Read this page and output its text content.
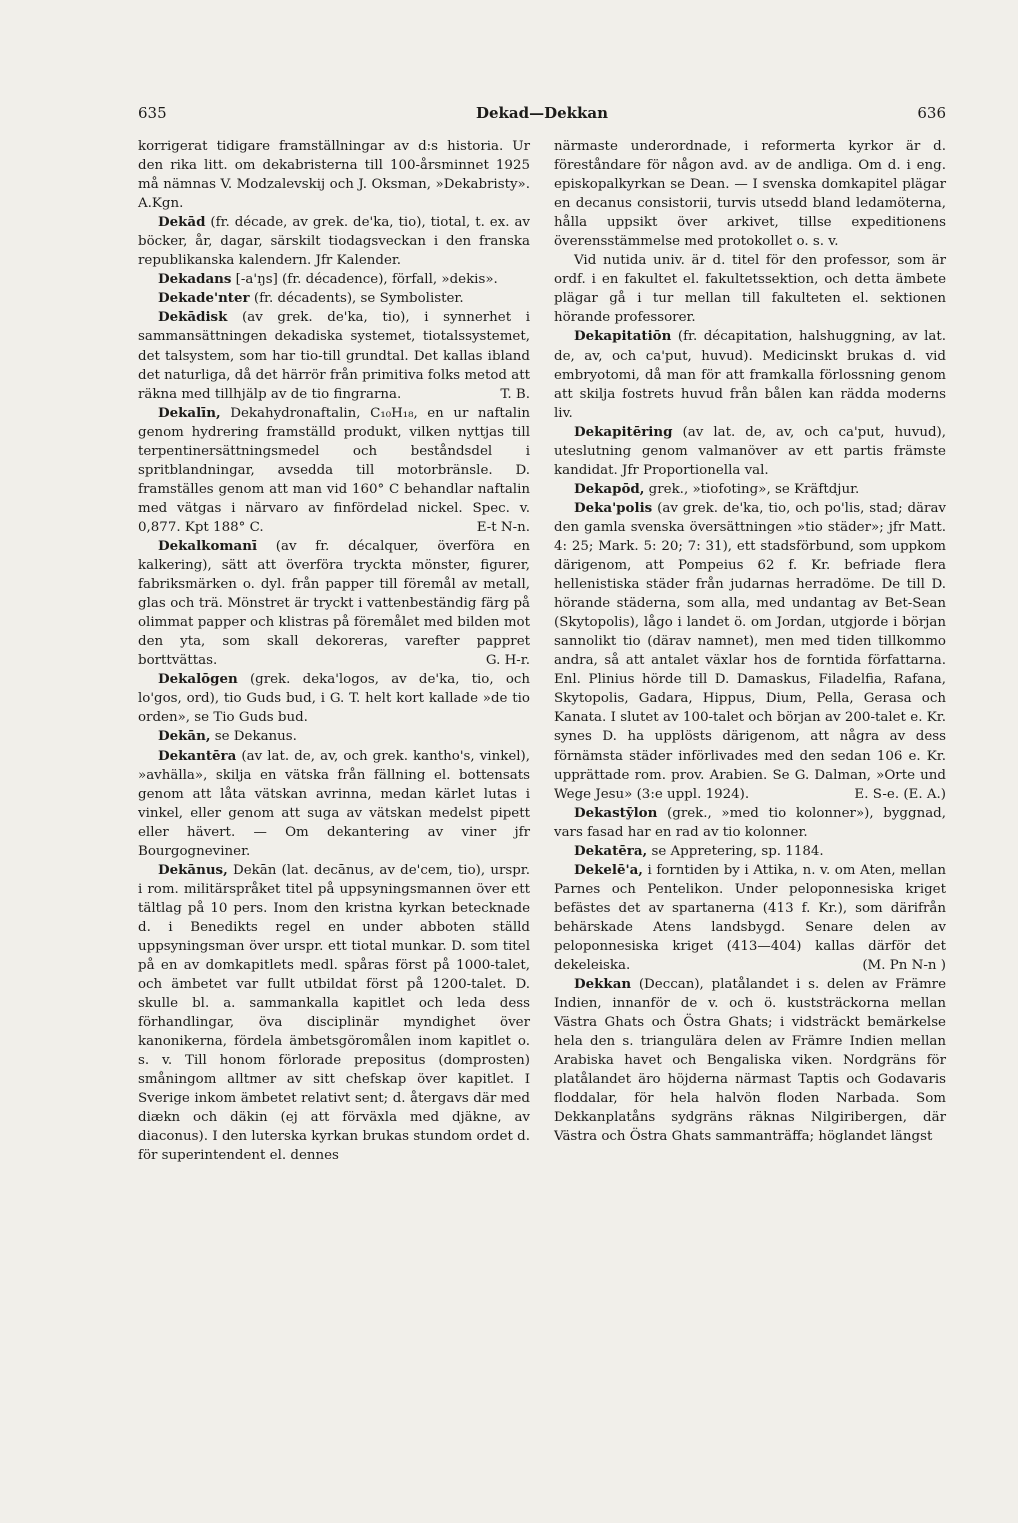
635	Dekad—Dekkan	636

korrigerat tidigare framställningar av d:s historia. Ur den rika litt. om dekabristerna till 100-årsminnet 1925 må nämnas V. Modzalevskij och J. Oksman, »Dekabristy». A.Kgn.

Dekād (fr. décade, av grek. de'ka, tio), tiotal, t. ex. av böcker, år, dagar, särskilt tiodagsveckan i den franska republikanska kalendern. Jfr Kalender.

Dekadans [-a'ŋs] (fr. décadence), förfall, »dekis».

Dekade'nter (fr. décadents), se Symbolister.

Dekādisk (av grek. de'ka, tio), i synnerhet i sammansättningen dekadiska systemet, tiotalssystemet, det talsystem, som har tio-till grundtal. Det kallas ibland det naturliga, då det härrör från primitiva folks metod att räkna med tillhjälp av de tio fingrarna.	T. B.

Dekalīn, Dekahydronaftalin, C₁₀H₁₈, en ur naftalin genom hydrering framställd produkt, vilken nyttjas till terpentinersättningsmedel och beståndsdel i spritblandningar, avsedda till motorbränsle. D. framställes genom att man vid 160° C behandlar naftalin med vätgas i närvaro av finfördelad nickel. Spec. v. 0,877. Kpt 188° C.	E-t N-n.

Dekalkomanī (av fr. décalquer, överföra en kalkering), sätt att överföra tryckta mönster, figurer, fabriksmärken o. dyl. från papper till föremål av metall, glas och trä. Mönstret är tryckt i vattenbeständig färg på olimmat papper och klistras på föremålet med bilden mot den yta, som skall dekoreras, varefter pappret borttvättas.	G. H-r.

Dekalōgen (grek. deka'logos, av de'ka, tio, och lo'gos, ord), tio Guds bud, i G. T. helt kort kallade »de tio orden», se Tio Guds bud.

Dekān, se Dekanus.

Dekantēra (av lat. de, av, och grek. kantho's, vinkel), »avhälla», skilja en vätska från fällning el. bottensats genom att låta vätskan avrinna, medan kärlet lutas i vinkel, eller genom att suga av vätskan medelst pipett eller hävert. — Om dekantering av viner jfr Bourgogneviner.

Dekānus, Dekān (lat. decānus, av de'cem, tio), urspr. i rom. militärspråket titel på uppsyningsmannen över ett tältlag på 10 pers. Inom den kristna kyrkan betecknade d. i Benedikts regel en under abboten ställd uppsyningsman över urspr. ett tiotal munkar. D. som titel på en av domkapitlets medl. spåras först på 1000-talet, och ämbetet var fullt utbildat först på 1200-talet. D. skulle bl. a. sammankalla kapitlet och leda dess förhandlingar, öva disciplinär myndighet över kanonikerna, fördela ämbetsgöromålen inom kapitlet o. s. v. Till honom förlorade prepositus (domprosten) småningom alltmer av sitt chefskap över kapitlet. I Sverige inkom ämbetet relativt sent; d. återgavs där med diækn och däkin (ej att förväxla med djäkne, av diaconus). I den luterska kyrkan brukas stundom ordet d. för superintendent el. dennes

närmaste underordnade, i reformerta kyrkor är d. föreståndare för någon avd. av de andliga. Om d. i eng. episkopalkyrkan se Dean. — I svenska domkapitel plägar en decanus consistorii, turvis utsedd bland ledamöterna, hålla uppsikt över arkivet, tillse expeditionens överensstämmelse med protokollet o. s. v.

Vid nutida univ. är d. titel för den professor, som är ordf. i en fakultet el. fakultetssektion, och detta ämbete plägar gå i tur mellan till fakulteten el. sektionen hörande professorer.

Dekapitatiōn (fr. décapitation, halshuggning, av lat. de, av, och ca'put, huvud). Medicinskt brukas d. vid embryotomi, då man för att framkalla förlossning genom att skilja fostrets huvud från bålen kan rädda moderns liv.

Dekapitēring (av lat. de, av, och ca'put, huvud), uteslutning genom valmanöver av ett partis främste kandidat. Jfr Proportionella val.

Dekapōd, grek., »tiofoting», se Kräftdjur.

Deka'polis (av grek. de'ka, tio, och po'lis, stad; därav den gamla svenska översättningen »tio städer»; jfr Matt. 4: 25; Mark. 5: 20; 7: 31), ett stadsförbund, som uppkom därigenom, att Pompeius 62 f. Kr. befriade flera hellenistiska städer från judarnas herradöme. De till D. hörande städerna, som alla, med undantag av Bet-Sean (Skytopolis), lågo i landet ö. om Jordan, utgjorde i början sannolikt tio (därav namnet), men med tiden tillkommo andra, så att antalet växlar hos de forntida författarna. Enl. Plinius hörde till D. Damaskus, Filadelfia, Rafana, Skytopolis, Gadara, Hippus, Dium, Pella, Gerasa och Kanata. I slutet av 100-talet och början av 200-talet e. Kr. synes D. ha upplösts därigenom, att några av dess förnämsta städer införlivades med den sedan 106 e. Kr. upprättade rom. prov. Arabien. Se G. Dalman, »Orte und Wege Jesu» (3:e uppl. 1924).	E. S-e. (E. A.)

Dekastȳlon (grek., »med tio kolonner»), byggnad, vars fasad har en rad av tio kolonner.

Dekatēra, se Appretering, sp. 1184.

Dekelē'a, i forntiden by i Attika, n. v. om Aten, mellan Parnes och Pentelikon. Under peloponnesiska kriget befästes det av spartanerna (413 f. Kr.), som därifrån behärskade Atens landsbygd. Senare delen av peloponnesiska kriget (413—404) kallas därför det dekeleiska.	(M. Pn N-n )

Dekkan (Deccan), platålandet i s. delen av Främre Indien, innanför de v. och ö. kuststräckorna mellan Västra Ghats och Östra Ghats; i vidsträckt bemärkelse hela den s. triangulära delen av Främre Indien mellan Arabiska havet och Bengaliska viken. Nordgräns för platålandet äro höjderna närmast Taptis och Godavaris floddalar, för hela halvön floden Narbada. Som Dekkanplatåns sydgräns räknas Nilgiribergen, där Västra och Östra Ghats sammanträffa; höglandet längst
